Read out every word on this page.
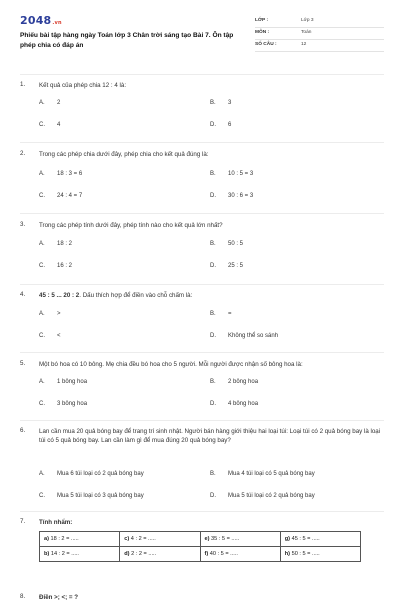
2048.vn
Phiếu bài tập hàng ngày Toán lớp 3 Chân trời sáng tạo Bài 7. Ôn tập phép chia có đáp án
LỚP :	Lớp 3
MÔN :	Toán
SỐ CÂU :	12
1. Kết quả của phép chia 12 : 4 là:
A. 2	B. 3
C. 4	D. 6
2. Trong các phép chia dưới đây, phép chia cho kết quả đúng là:
A. 18 : 3 = 6	B. 10 : 5 = 3
C. 24 : 4 = 7	D. 30 : 6 = 3
3. Trong các phép tính dưới đây, phép tính nào cho kết quả lớn nhất?
A. 18 : 2	B. 50 : 5
C. 16 : 2	D. 25 : 5
4. 45 : 5 ... 20 : 2. Dấu thích hợp để điền vào chỗ chấm là:
A. >	B. =
C. <	D. Không thể so sánh
5. Một bó hoa có 10 bông. Mẹ chia đều bó hoa cho 5 người. Mỗi người được nhận số bông hoa là:
A. 1 bông hoa	B. 2 bông hoa
C. 3 bông hoa	D. 4 bông hoa
6. Lan cần mua 20 quả bóng bay để trang trí sinh nhật. Người bán hàng giới thiệu hai loại túi: Loại túi có 2 quả bóng bay là loại túi có 5 quả bóng bay. Lan cần làm gì để mua đúng 20 quả bóng bay?
A. Mua 6 túi loại có 2 quả bóng bay	B. Mua 4 túi loại có 5 quả bóng bay
C. Mua 5 túi loại có 3 quả bóng bay	D. Mua 5 túi loại có 2 quả bóng bay
7. Tính nhẩm:
a) 18 : 2 = .....	c) 4 : 2 = .....	e) 35 : 5 = .....	g) 45 : 5 = .....
b) 14 : 2 = .....	d) 2 : 2 = .....	f) 40 : 5 = .....	h) 50 : 5 = .....
8. Điền >; <; = ?
